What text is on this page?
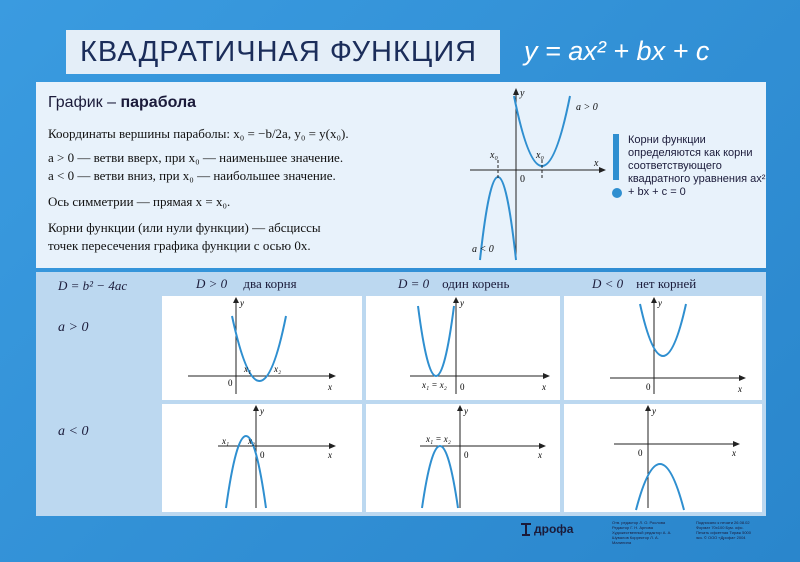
КВАДРАТИЧНАЯ ФУНКЦИЯ y = ax² + bx + c
График – парабола
Координаты вершины параболы: x₀ = −b/2a, y₀ = y(x₀).
a > 0 — ветви вверх, при x₀ — наименьшее значение.
a < 0 — ветви вниз, при x₀ — наибольшее значение.
Ось симметрии — прямая x = x₀.
Корни функции (или нули функции) — абсциссы
точек пересечения графика функции с осью 0x.
y
x
0
x₀	x₀
a > 0
a < 0
Корни функции определяются как корни соответствующего квадратного уравнения ax² + bx + c = 0
D = b² − 4ac	D > 0 два корня	D = 0 один корень	D < 0 нет корней
a > 0
a < 0
y
x
0
x₁	x₂
y
x
0
x₁ = x₂
y
x
0
y
x
0
x₁ x₂
y
x
0
x₁ = x₂
y
x
0
дрофа	Отв. редактор Л. О. Рослова Редактор Г. Н. Арнова Художественный редактор А. А. Шувалов Корректор Л. А. Малинина
Подписано к печати 26.08.02 Формат 70х100 Бум. офс. Печать офсетная Тираж 5000 экз. © ООО «Дрофа» 2004
